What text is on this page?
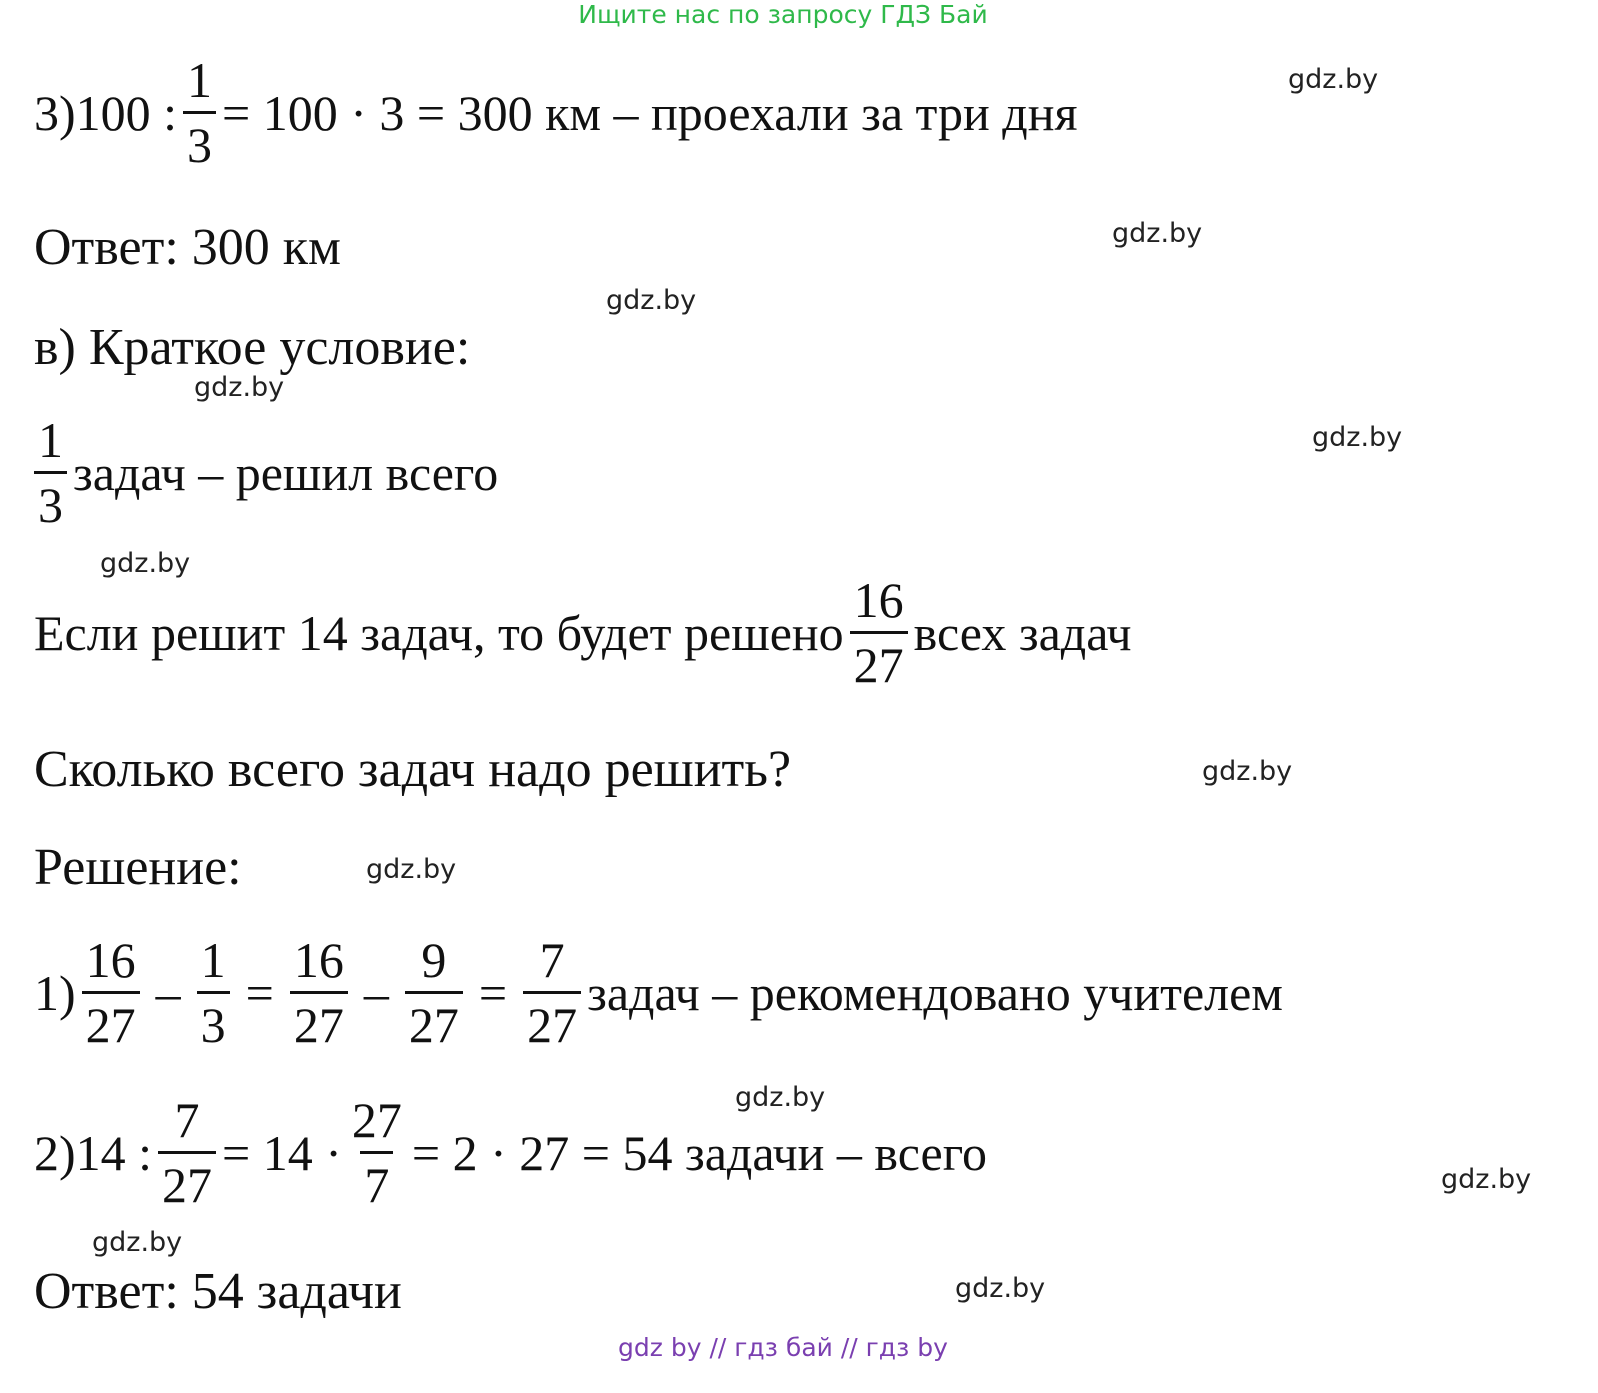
Ищите нас по запросу ГДЗ Бай
3)100 : $\frac{1}{3} = 100 \cdot 3 = 300$ км – проехали за три дня
Ответ: 300 км
в) Краткое условие:
$\frac{1}{3}$ задач – решил всего
Если решит 14 задач, то будет решено $\frac{16}{27}$ всех задач
Сколько всего задач надо решить?
Решение:
$1) \frac{16}{27} - \frac{1}{3} = \frac{16}{27} - \frac{9}{27} = \frac{7}{27}$ задач – рекомендовано учителем
2)14 : $\frac{7}{27} = 14 \cdot \frac{27}{7} = 2 \cdot 27 = 54$ задачи – всего
Ответ: 54 задачи
gdz.by
gdz.by
gdz.by
gdz.by
gdz.by
gdz.by
gdz.by
gdz.by
gdz.by
gdz.by
gdz.by
gdz.by
gdz by // гдз бай // гдз by
